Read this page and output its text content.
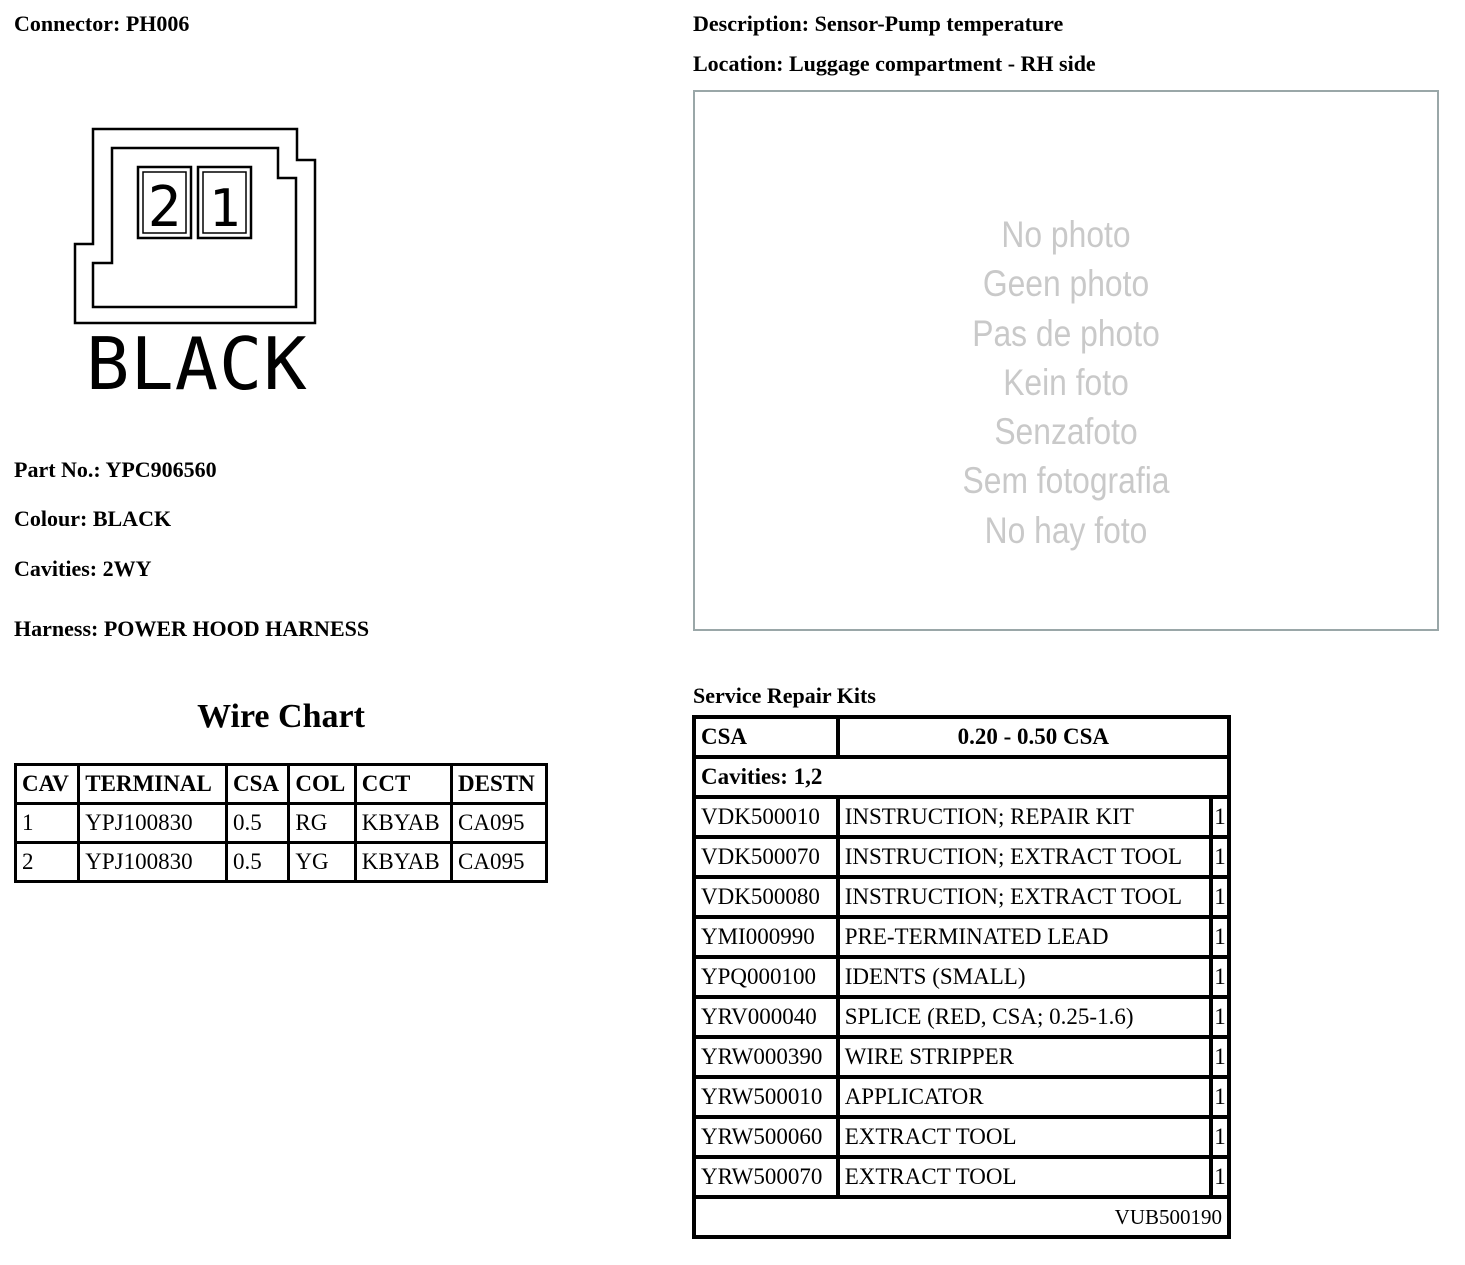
Connector: PH006	Description: Sensor-Pump temperature
Location: Luggage compartment - RH side
2 1
BLACK
No photo
Geen photo
Pas de photo
Kein foto
Senzafoto
Sem fotografia
No hay foto
Part No.: YPC906560
Colour: BLACK
Cavities: 2WY
Harness: POWER HOOD HARNESS
Wire Chart
CAV	TERMINAL	CSA	COL	CCT	DESTN
1	YPJ100830	0.5	RG	KBYAB	CA095
2	YPJ100830	0.5	YG	KBYAB	CA095
Service Repair Kits
CSA	0.20 - 0.50 CSA	
Cavities: 1,2		
VDK500010	INSTRUCTION; REPAIR KIT	1
VDK500070	INSTRUCTION; EXTRACT TOOL	1
VDK500080	INSTRUCTION; EXTRACT TOOL	1
YMI000990	PRE-TERMINATED LEAD	1
YPQ000100	IDENTS (SMALL)	1
YRV000040	SPLICE (RED, CSA; 0.25-1.6)	1
YRW000390	WIRE STRIPPER	1
YRW500010	APPLICATOR	1
YRW500060	EXTRACT TOOL	1
YRW500070	EXTRACT TOOL	1
VUB500190		
